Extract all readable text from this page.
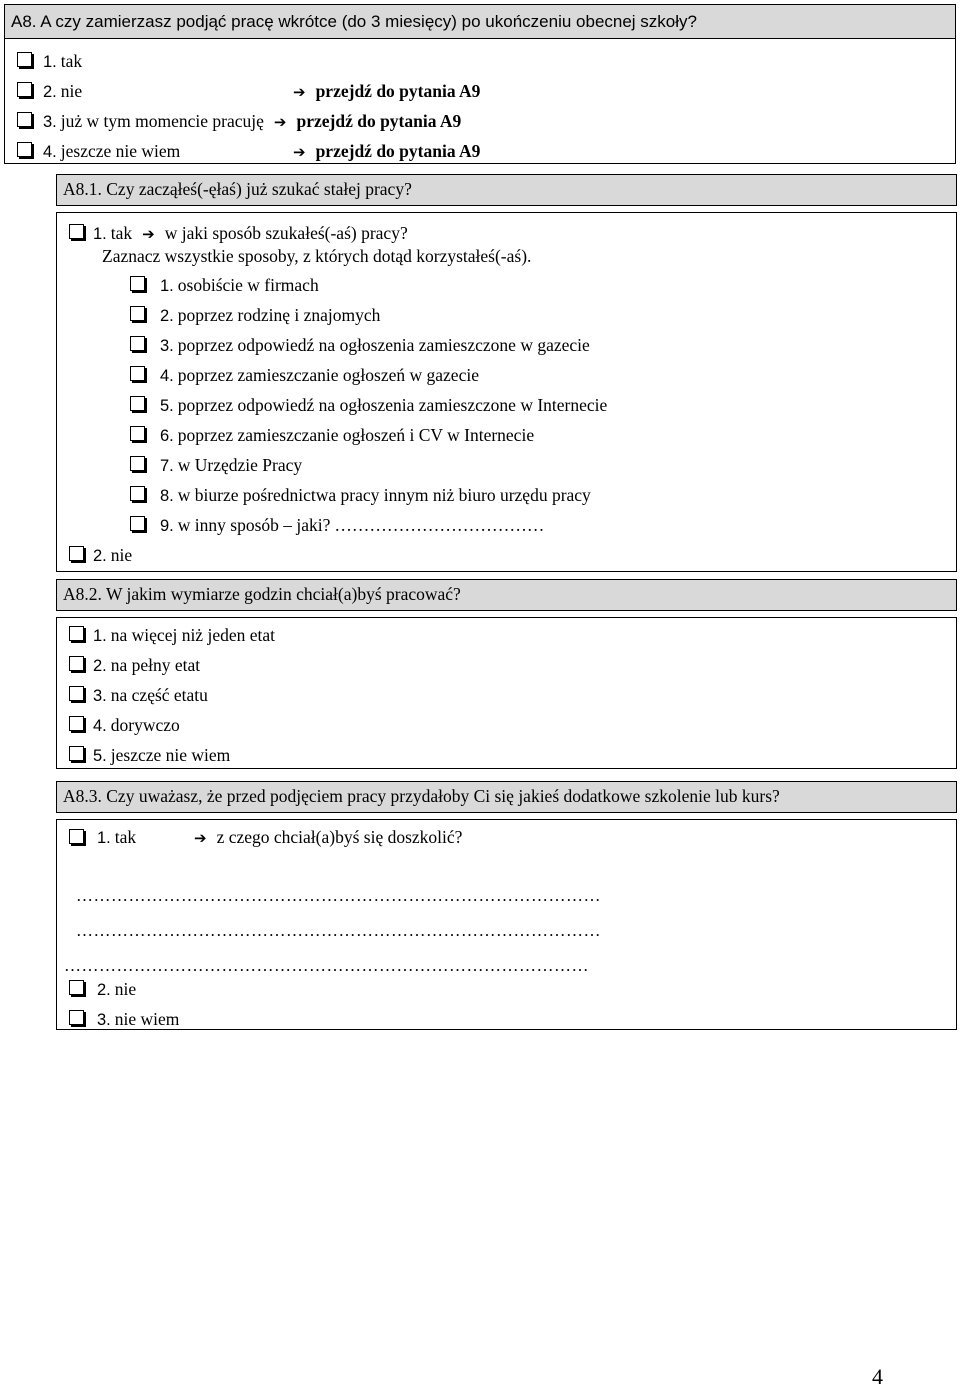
A8. A czy zamierzasz podjąć pracę wkrótce (do 3 miesięcy) po ukończeniu obecnej szkoły?
1. tak
2. nie	➔ przejdź do pytania A9
3. już w tym momencie pracuję ➔ przejdź do pytania A9
4. jeszcze nie wiem	➔ przejdź do pytania A9
A8.1. Czy zacząłeś(-ęłaś) już szukać stałej pracy?
1. tak ➔ w jaki sposób szukałeś(-aś) pracy?
Zaznacz wszystkie sposoby, z których dotąd korzystałeś(-aś).
1. osobiście w firmach
2. poprzez rodzinę i znajomych
3. poprzez odpowiedź na ogłoszenia zamieszczone w gazecie
4. poprzez zamieszczanie ogłoszeń w gazecie
5. poprzez odpowiedź na ogłoszenia zamieszczone w Internecie
6. poprzez zamieszczanie ogłoszeń i CV w Internecie
7. w Urzędzie Pracy
8. w biurze pośrednictwa pracy innym niż biuro urzędu pracy
9. w inny sposób – jaki? ………………………………
2. nie
A8.2. W jakim wymiarze godzin chciał(a)byś pracować?
1. na więcej niż jeden etat
2. na pełny etat
3. na część etatu
4. dorywczo
5. jeszcze nie wiem
A8.3. Czy uważasz, że przed podjęciem pracy przydałoby Ci się jakieś dodatkowe szkolenie lub kurs?
1. tak	➔ z czego chciał(a)byś się doszkolić?
………………………………………………………………………………
………………………………………………………………………………
………………………………………………………………………………
2. nie
3. nie wiem
4
